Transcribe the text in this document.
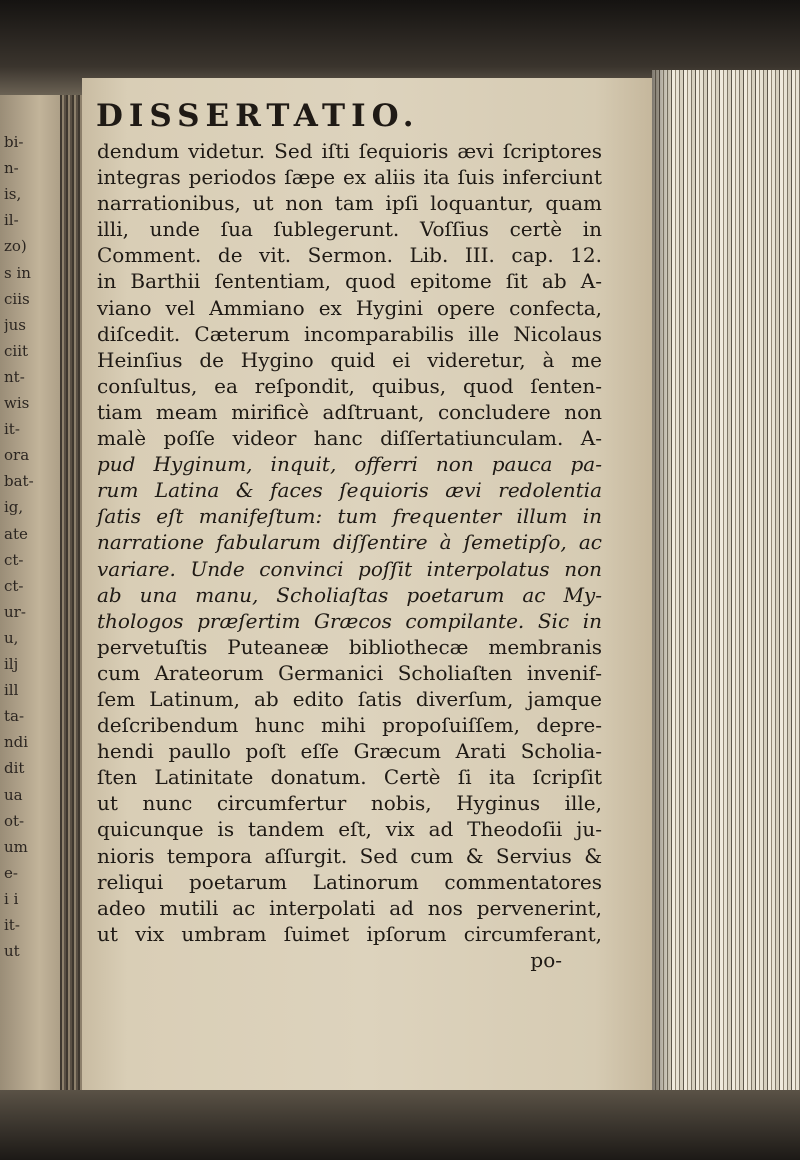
bi-
n-
is,
il-
zo)
s in
ciis
jus
ciit
nt-
wis
it-
ora
bat-
ig,
ate
ct-
ct-
ur-
u,
ilj
ill
ta-
ndi
dit
ua
ot-
um
e-
i i
it-
ut
DISSERTATIO.
dendum videtur. Sed iſti ſequioris ævi ſcriptores
integras periodos ſæpe ex aliis ita ſuis inferciunt
narrationibus, ut non tam ipſi loquantur, quam
illi, unde ſua ſublegerunt. Voſſius certè in
Comment. de vit. Sermon. Lib. III. cap. 12.
in Barthii ſententiam, quod epitome ſit ab A-
viano vel Ammiano ex Hygini opere confecta,
diſcedit. Cæterum incomparabilis ille Nicolaus
Heinſius de Hygino quid ei videretur, à me
conſultus, ea reſpondit, quibus, quod ſenten-
tiam meam mirificè adſtruant, concludere non
malè poſſe videor hanc diſſertatiunculam. A-
pud Hyginum, inquit, offerri non pauca pa-
rum Latina & faces ſequioris ævi redolentia
ſatis eſt manifeſtum: tum frequenter illum in
narratione fabularum diſſentire à ſemetipſo, ac
variare. Unde convinci poſſit interpolatus non
ab una manu, Scholiaſtas poetarum ac My-
thologos præſertim Græcos compilante. Sic in
pervetuſtis Puteaneæ bibliothecæ membranis
cum Arateorum Germanici Scholiaſten invenif-
ſem Latinum, ab edito ſatis diverſum, jamque
deſcribendum hunc mihi propoſuiſſem, depre-
hendi paullo poſt eſſe Græcum Arati Scholia-
ſten Latinitate donatum. Certè ſi ita ſcripſit
ut nunc circumfertur nobis, Hyginus ille,
quicunque is tandem eſt, vix ad Theodoſii ju-
nioris tempora aſſurgit. Sed cum & Servius &
reliqui poetarum Latinorum commentatores
adeo mutili ac interpolati ad nos pervenerint,
ut vix umbram ſuimet ipſorum circumferant,
po-
